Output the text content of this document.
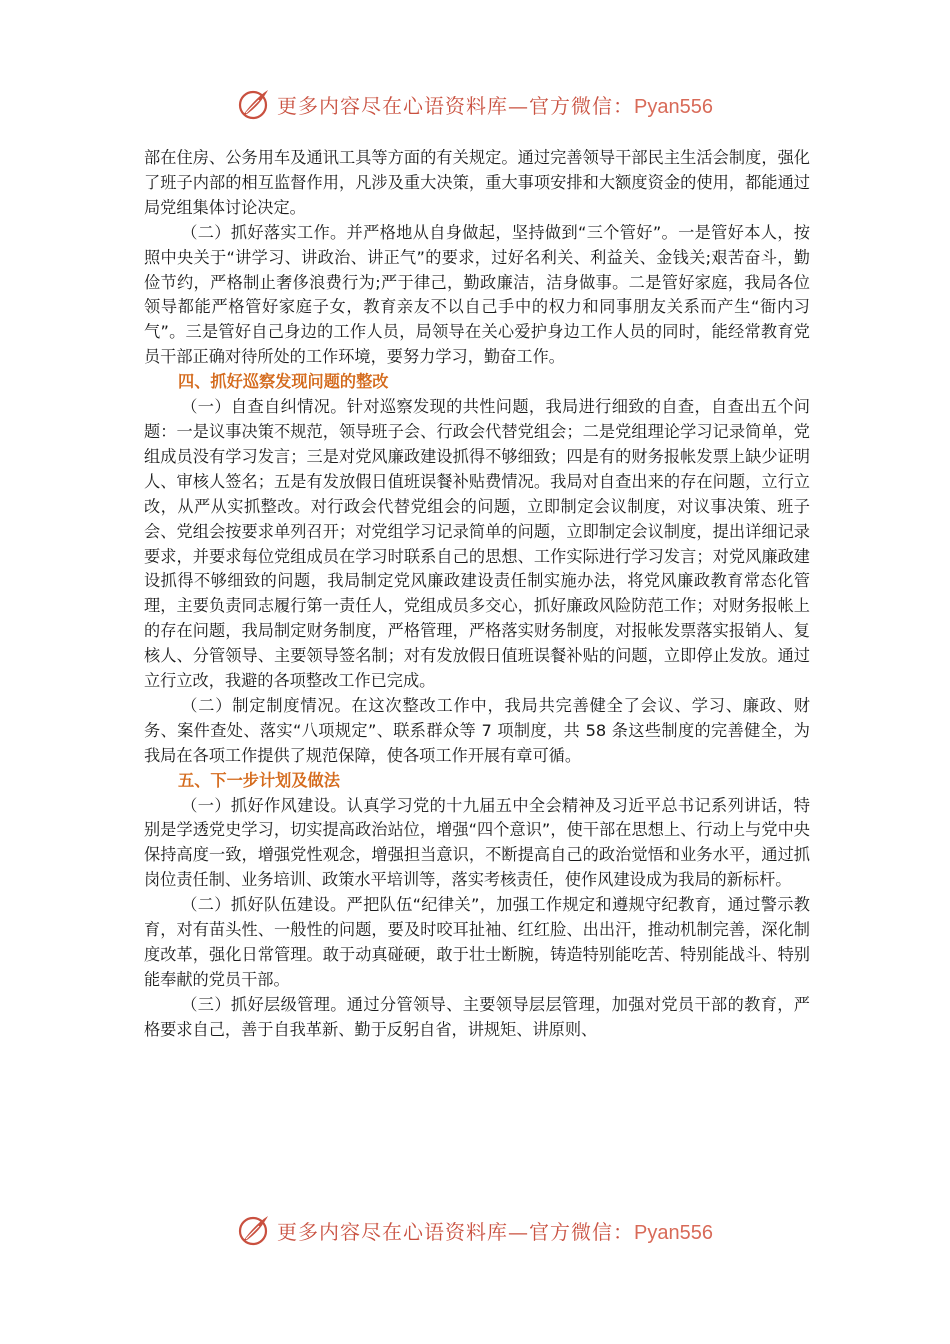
更多内容尽在心语资料库—官方微信：Pyan556

部在住房、公务用车及通讯工具等方面的有关规定。通过完善领导干部民主生活会制度，强化了班子内部的相互监督作用，凡涉及重大决策，重大事项安排和大额度资金的使用，都能通过局党组集体讨论决定。

（二）抓好落实工作。并严格地从自身做起，坚持做到“三个管好”。一是管好本人，按照中央关于“讲学习、讲政治、讲正气”的要求，过好名利关、利益关、金钱关;艰苦奋斗，勤俭节约，严格制止奢侈浪费行为;严于律己，勤政廉洁，洁身做事。二是管好家庭，我局各位领导都能严格管好家庭子女，教育亲友不以自己手中的权力和同事朋友关系而产生“衙内习气”。三是管好自己身边的工作人员，局领导在关心爱护身边工作人员的同时，能经常教育党员干部正确对待所处的工作环境，要努力学习，勤奋工作。

四、抓好巡察发现问题的整改

（一）自查自纠情况。针对巡察发现的共性问题，我局进行细致的自查，自查出五个问题：一是议事决策不规范，领导班子会、行政会代替党组会；二是党组理论学习记录简单，党组成员没有学习发言；三是对党风廉政建设抓得不够细致；四是有的财务报帐发票上缺少证明人、审核人签名；五是有发放假日值班误餐补贴费情况。我局对自查出来的存在问题，立行立改，从严从实抓整改。对行政会代替党组会的问题，立即制定会议制度，对议事决策、班子会、党组会按要求单列召开；对党组学习记录简单的问题，立即制定会议制度，提出详细记录要求，并要求每位党组成员在学习时联系自己的思想、工作实际进行学习发言；对党风廉政建设抓得不够细致的问题，我局制定党风廉政建设责任制实施办法，将党风廉政教育常态化管理，主要负责同志履行第一责任人，党组成员多交心，抓好廉政风险防范工作；对财务报帐上的存在问题，我局制定财务制度，严格管理，严格落实财务制度，对报帐发票落实报销人、复核人、分管领导、主要领导签名制；对有发放假日值班误餐补贴的问题，立即停止发放。通过立行立改，我避的各项整改工作已完成。

（二）制定制度情况。在这次整改工作中，我局共完善健全了会议、学习、廉政、财务、案件查处、落实“八项规定”、联系群众等 7 项制度，共 58 条这些制度的完善健全，为我局在各项工作提供了规范保障，使各项工作开展有章可循。

五、下一步计划及做法

（一）抓好作风建设。认真学习党的十九届五中全会精神及习近平总书记系列讲话，特别是学透党史学习，切实提高政治站位，增强“四个意识”，使干部在思想上、行动上与党中央保持高度一致，增强党性观念，增强担当意识，不断提高自己的政治觉悟和业务水平，通过抓岗位责任制、业务培训、政策水平培训等，落实考核责任，使作风建设成为我局的新标杆。

（二）抓好队伍建设。严把队伍“纪律关”，加强工作规定和遵规守纪教育，通过警示教育，对有苗头性、一般性的问题，要及时咬耳扯袖、红红脸、出出汗，推动机制完善，深化制度改革，强化日常管理。敢于动真碰硬，敢于壮士断腕，铸造特别能吃苦、特别能战斗、特别能奉献的党员干部。

（三）抓好层级管理。通过分管领导、主要领导层层管理，加强对党员干部的教育，严格要求自己，善于自我革新、勤于反躬自省，讲规矩、讲原则、

更多内容尽在心语资料库—官方微信：Pyan556
